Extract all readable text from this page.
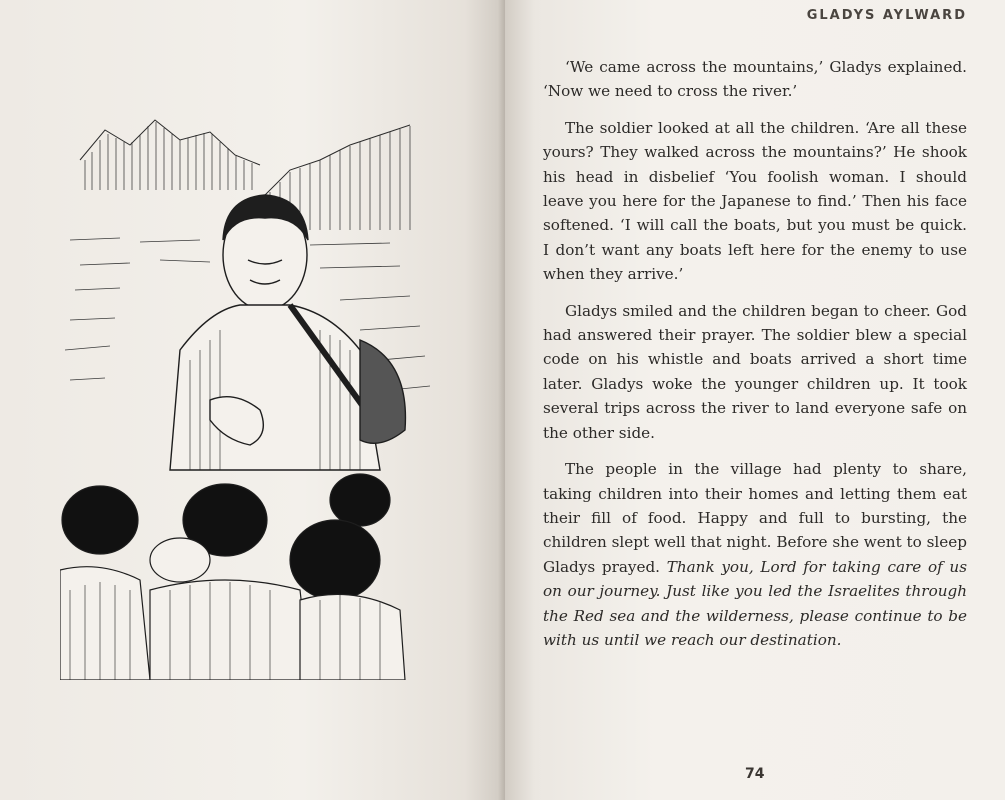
GLADYS AYLWARD

‘We came across the mountains,’ Gladys explained. ‘Now we need to cross the river.’

The soldier looked at all the children. ‘Are all these yours? They walked across the mountains?’ He shook his head in disbelief ‘You foolish woman. I should leave you here for the Japanese to find.’ Then his face softened. ‘I will call the boats, but you must be quick. I don’t want any boats left here for the enemy to use when they arrive.’

Gladys smiled and the children began to cheer. God had answered their prayer. The soldier blew a special code on his whistle and boats arrived a short time later. Gladys woke the younger children up. It took several trips across the river to land everyone safe on the other side.

The people in the village had plenty to share, taking children into their homes and letting them eat their fill of food. Happy and full to bursting, the children slept well that night. Before she went to sleep Gladys prayed. Thank you, Lord for taking care of us on our journey. Just like you led the Israelites through the Red sea and the wilderness, please continue to be with us until we reach our destination.

74
